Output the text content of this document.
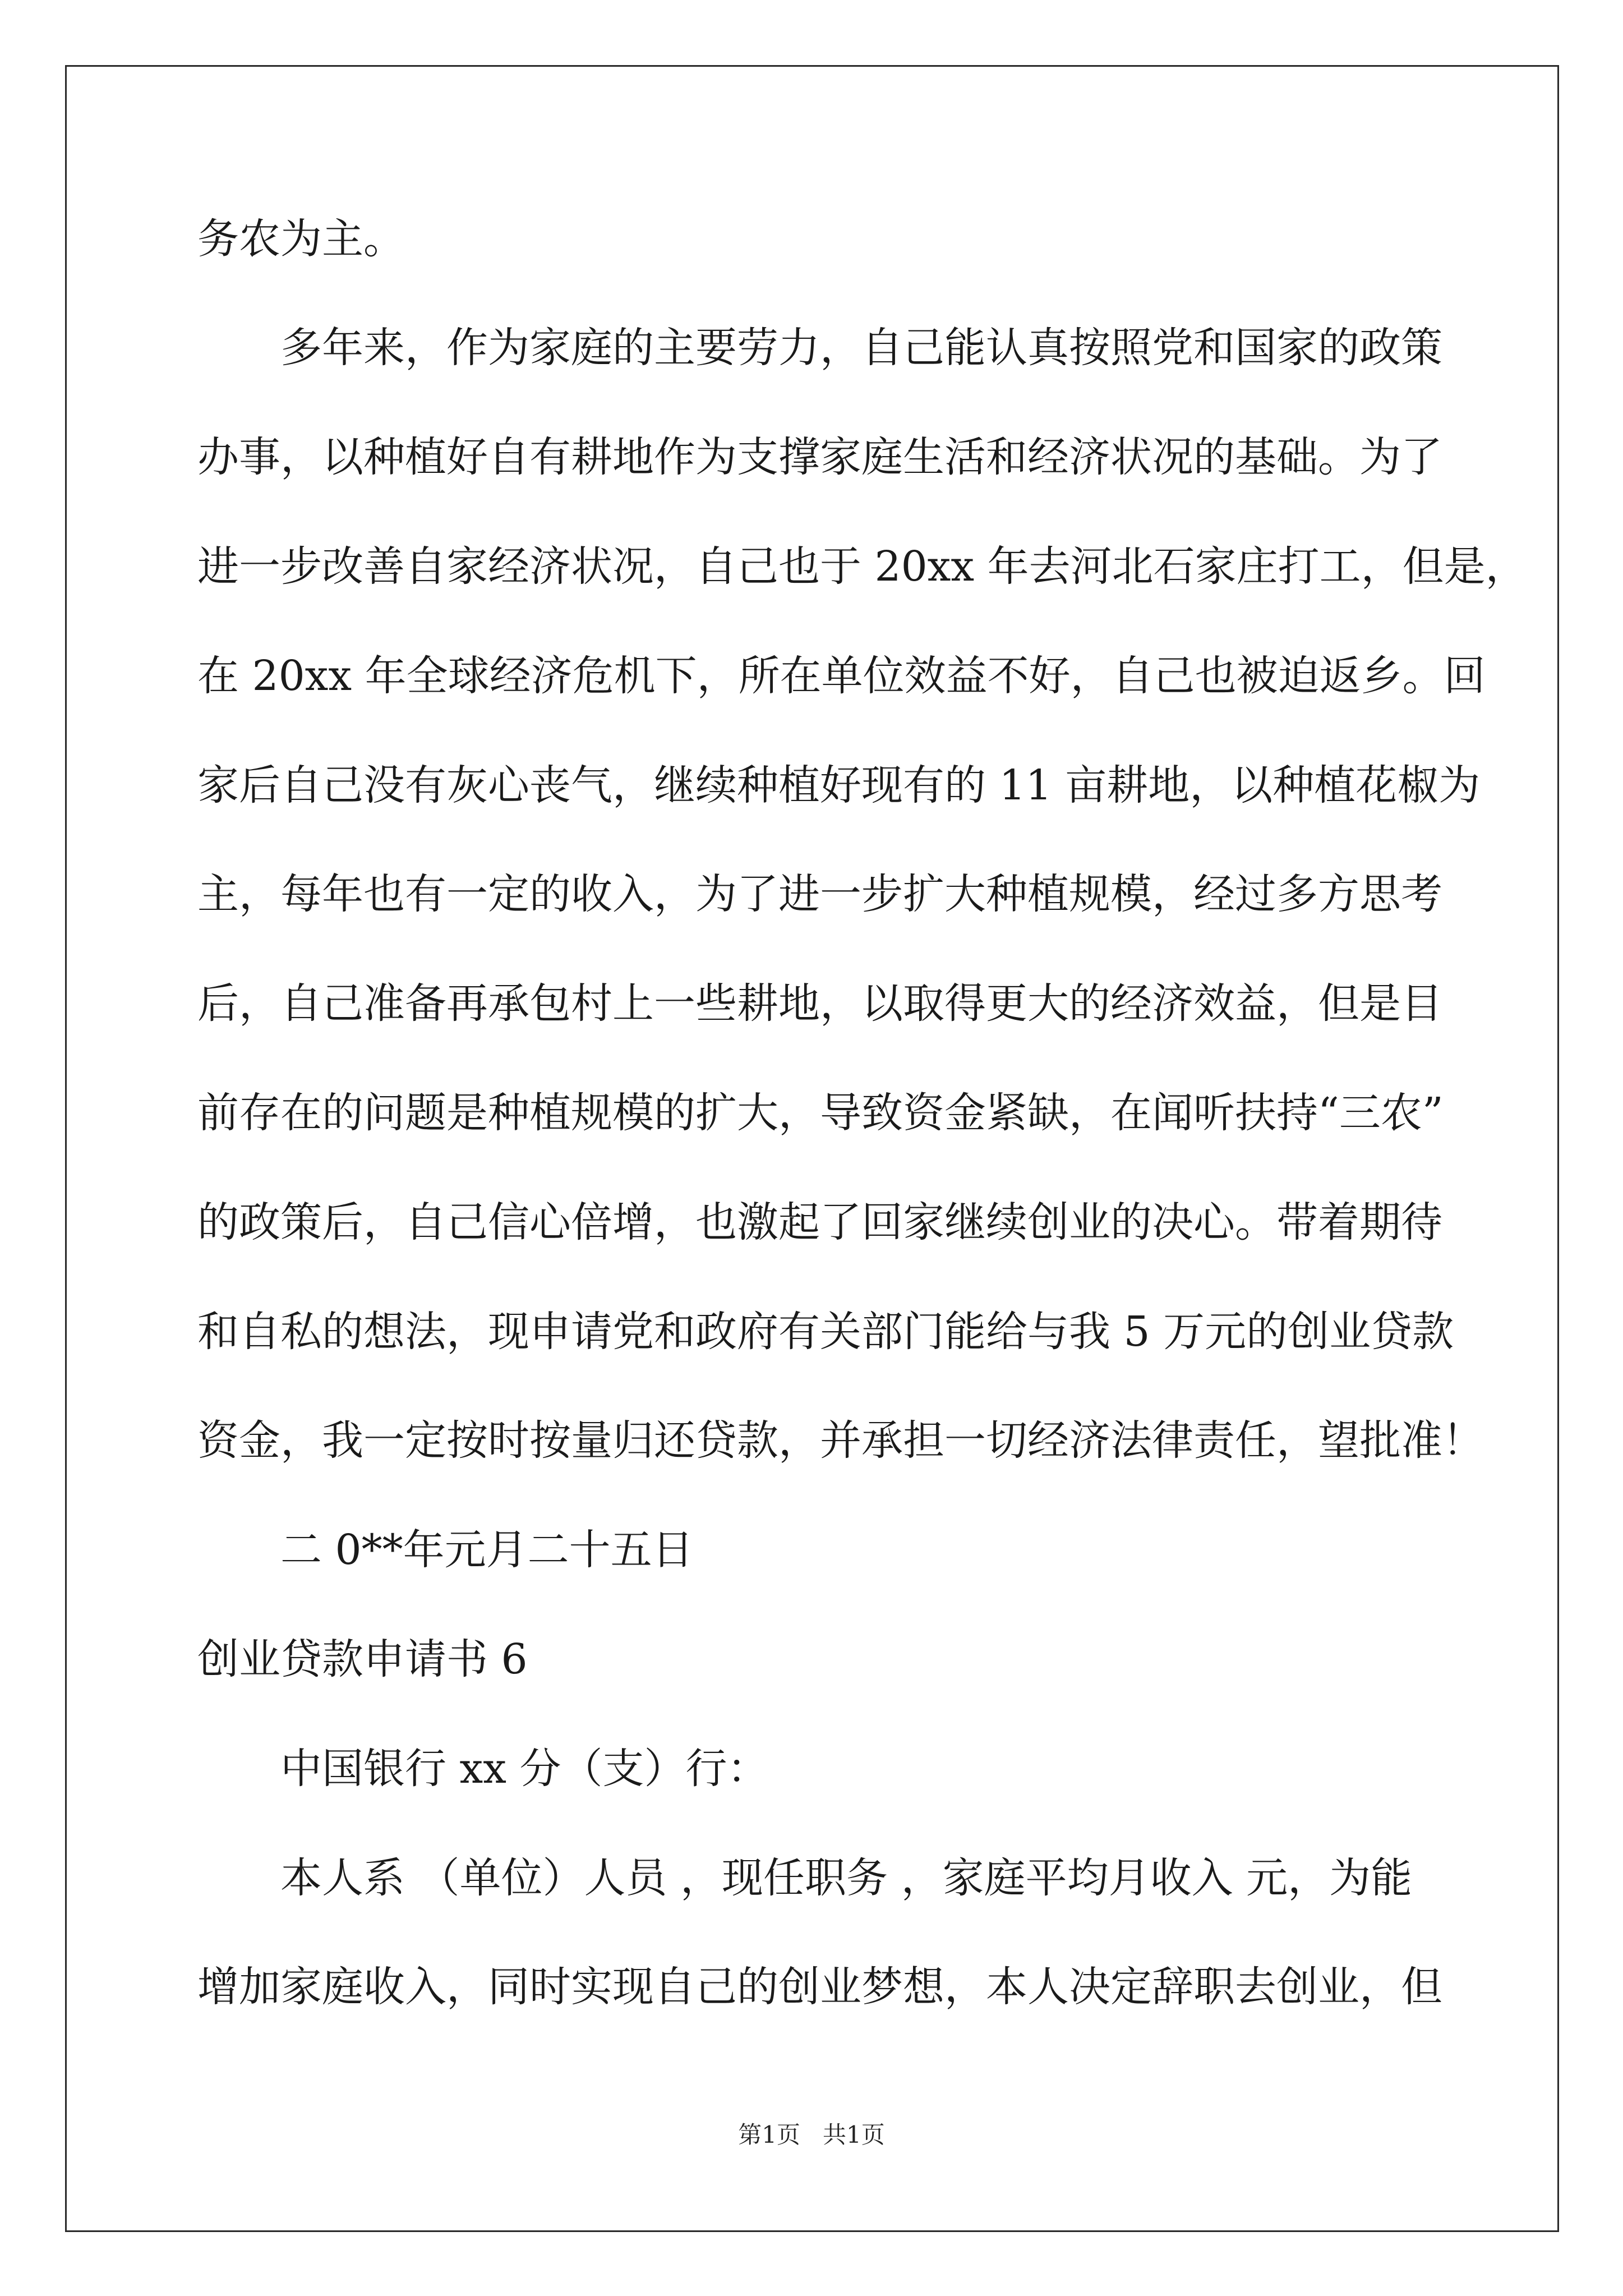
务农为主。
多年来，作为家庭的主要劳力，自己能认真按照党和国家的政策
办事，以种植好自有耕地作为支撑家庭生活和经济状况的基础。为了
进一步改善自家经济状况，自己也于 20xx 年去河北石家庄打工，但是，
在 20xx 年全球经济危机下，所在单位效益不好，自己也被迫返乡。回
家后自己没有灰心丧气，继续种植好现有的 11 亩耕地，以种植花椒为
主，每年也有一定的收入，为了进一步扩大种植规模，经过多方思考
后，自己准备再承包村上一些耕地，以取得更大的经济效益，但是目
前存在的问题是种植规模的扩大，导致资金紧缺，在闻听扶持“三农”
的政策后，自己信心倍增，也激起了回家继续创业的决心。带着期待
和自私的想法，现申请党和政府有关部门能给与我 5 万元的创业贷款
资金，我一定按时按量归还贷款，并承担一切经济法律责任，望批准！
二 0**年元月二十五日
创业贷款申请书 6
中国银行 xx 分（支）行：
本人系 （单位）人员 ，现任职务 ，家庭平均月收入 元，为能
增加家庭收入，同时实现自己的创业梦想，本人决定辞职去创业，但
第1页   共1页
